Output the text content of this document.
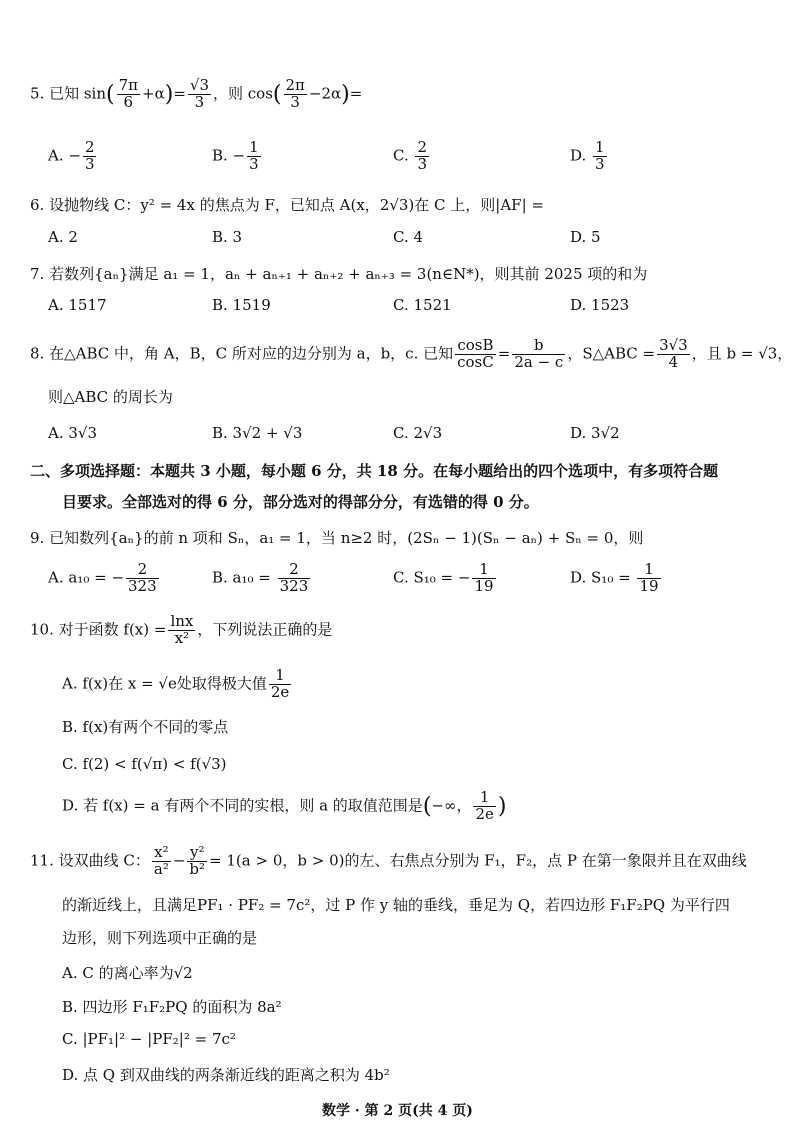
5. 已知 $\sin( \frac{7\pi}{6} +\alpha)= \frac{√3}{3}$ ，则 $\cos( \frac{2\pi}{3} -2\alpha)=$
A. − $\frac{2}{3}$	B. − $\frac{1}{3}$	C. $\frac{2}{3}$	D. $\frac{1}{3}$
6. 设抛物线 C：y² = 4x 的焦点为 F，已知点 A(x，2√3)在 C 上，则|AF| =
A. 2	B. 3	C. 4	D. 5
7. 若数列{aₙ}满足 a₁ = 1，aₙ + aₙ₊₁ + aₙ₊₂ + aₙ₊₃ = 3(n∈N*)，则其前 2025 项的和为
A. 1517	B. 1519	C. 1521	D. 1523
8. 在△ABC 中，角 A，B，C 所对应的边分别为 a，b，c. 已知 $\frac{\cos B}{\cos C} = \frac{b}{2a - c}$ ，S△ABC = $\frac{3√3}{4}$ ，且 b = √3，
则△ABC 的周长为
A. 3√3	B. 3√2 + √3	C. 2√3	D. 3√2
二、多项选择题：本题共 3 小题，每小题 6 分，共 18 分。在每小题给出的四个选项中，有多项符合题
目要求。全部选对的得 6 分，部分选对的得部分分，有选错的得 0 分。
9. 已知数列{aₙ}的前 n 项和 Sₙ，a₁ = 1，当 n≥2 时，(2Sₙ − 1)(Sₙ − aₙ) + Sₙ = 0，则
A. a₁₀ = − $\frac{2}{323}$	B. $a_{10} = \frac{2}{323}$	C. S₁₀ = − $\frac{1}{19}$	D. $S_{10} = \frac{1}{19}$
10. 对于函数 $f(x) = \frac{\ln x}{\text{x²}}$ ，下列说法正确的是
A. f(x)在 x = √e处取得极大值 $\frac{1}{2e}$
B. f(x)有两个不同的零点
C. f(2) < f(√π) < f(√3)
D. 若 f(x) = a 有两个不同的实根，则 a 的取值范围是(−∞， $\frac{1}{2e}$ )
11. 设双曲线 C： $\frac{\text{x²}}{\text{a²}} - \frac{\text{y²}}{\text{b²}} = 1(a > 0$，b > 0)的左、右焦点分别为 F₁，F₂，点 P 在第一象限并且在双曲线
的渐近线上，且满足PF₁ · PF₂ = 7c²，过 P 作 y 轴的垂线，垂足为 Q，若四边形 F₁F₂PQ 为平行四
边形，则下列选项中正确的是
A. C 的离心率为√2
B. 四边形 F₁F₂PQ 的面积为 8a²
C. |PF₁|² − |PF₂|² = 7c²
D. 点 Q 到双曲线的两条渐近线的距离之积为 4b²
数学 · 第 2 页(共 4 页)
